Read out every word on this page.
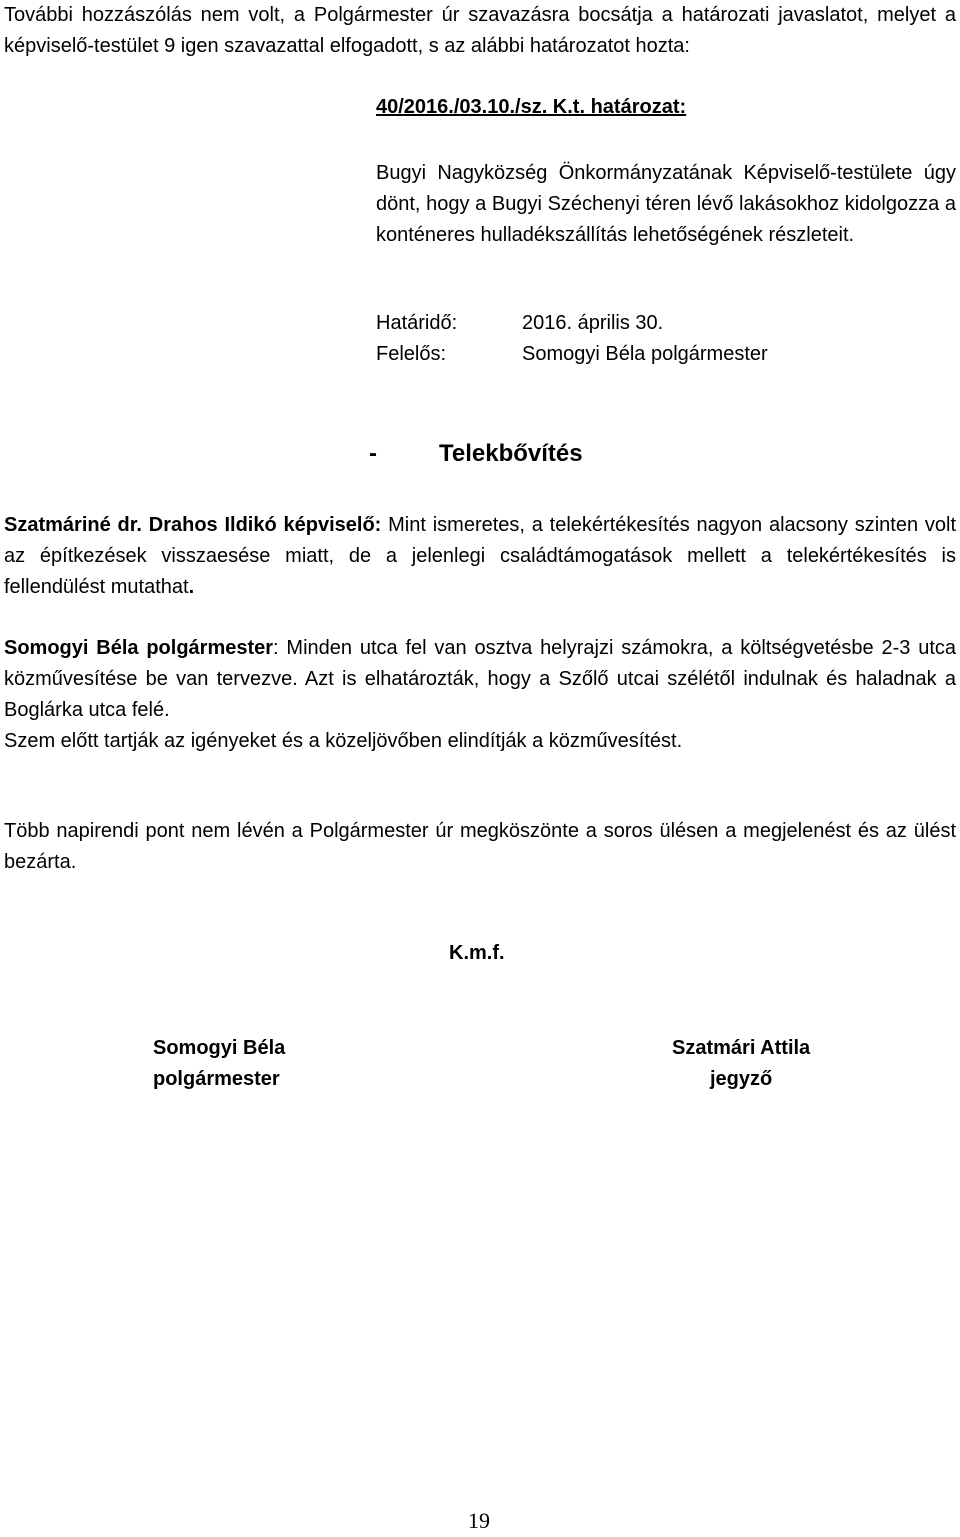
További hozzászólás nem volt, a Polgármester úr szavazásra bocsátja a határozati javaslatot, melyet a képviselő-testület 9 igen szavazattal elfogadott, s az alábbi határozatot hozta:
40/2016./03.10./sz. K.t. határozat:
Bugyi Nagyközség Önkormányzatának Képviselő-testülete úgy dönt, hogy a Bugyi Széchenyi téren lévő lakásokhoz kidolgozza a konténeres hulladékszállítás lehetőségének részleteit.
Határidő:	2016. április 30.
Felelős:	Somogyi Béla polgármester
-	Telekbővítés
Szatmáriné dr. Drahos Ildikó képviselő: Mint ismeretes, a telekértékesítés nagyon alacsony szinten volt az építkezések visszaesése miatt, de a jelenlegi családtámogatások mellett a telekértékesítés is fellendülést mutathat.
Somogyi Béla polgármester: Minden utca fel van osztva helyrajzi számokra, a költségvetésbe 2-3 utca közművesítése be van tervezve. Azt is elhatározták, hogy a Szőlő utcai szélétől indulnak és haladnak a Boglárka utca felé.
Szem előtt tartják az igényeket és a közeljövőben elindítják a közművesítést.
Több napirendi pont nem lévén a Polgármester úr megköszönte a soros ülésen a megjelenést és az ülést bezárta.
K.m.f.
Somogyi Béla
polgármester
Szatmári Attila
jegyző
19
